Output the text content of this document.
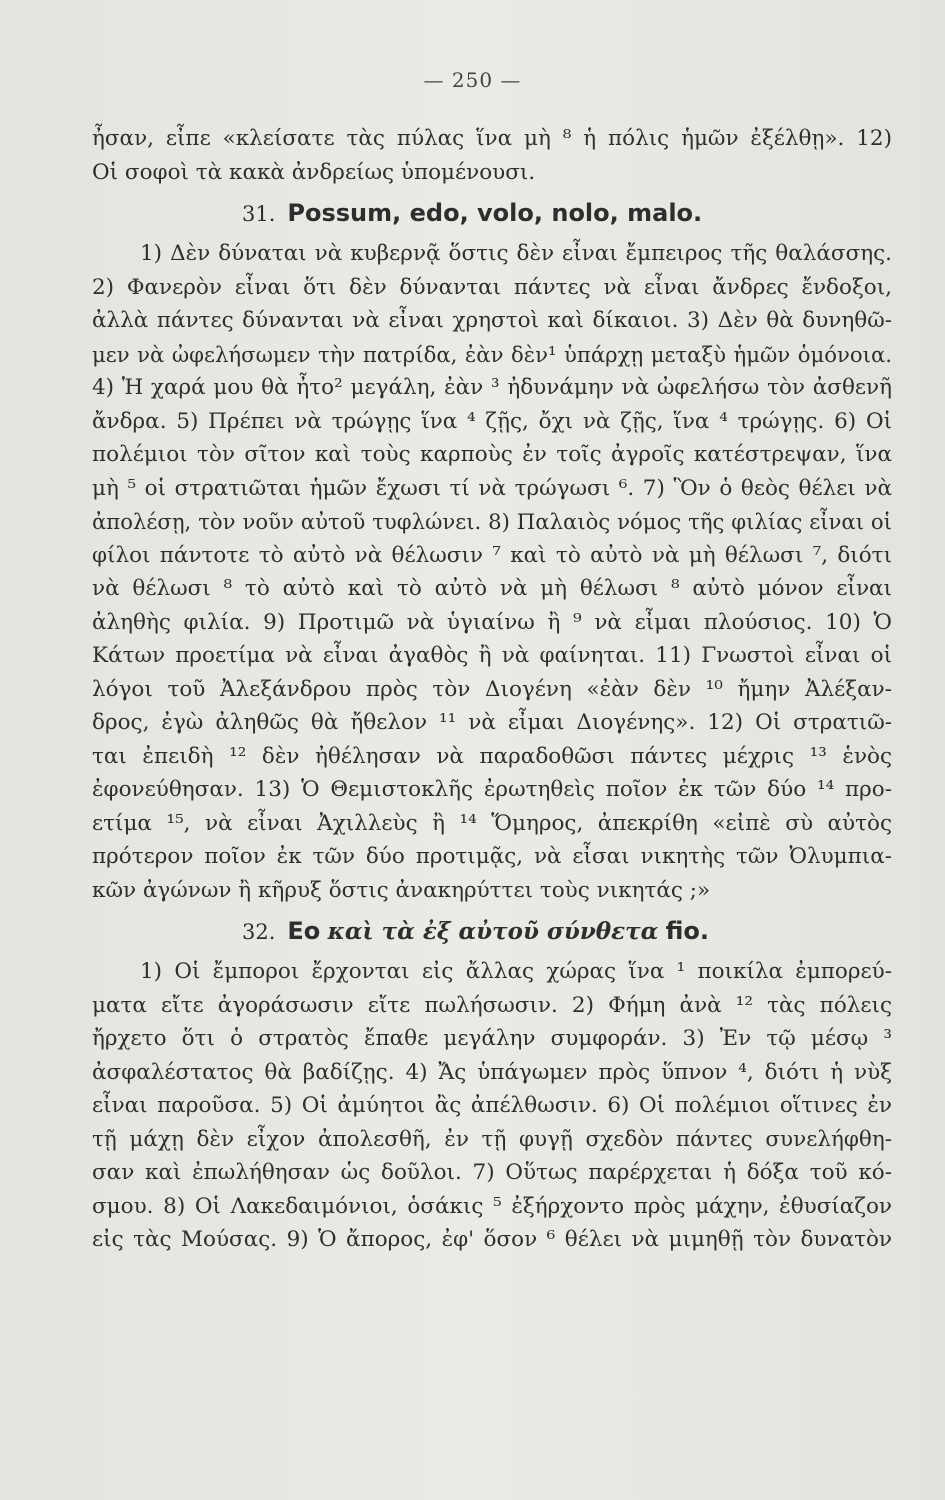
— 250 —
ἦσαν, εἶπε «κλείσατε τὰς πύλας ἵνα μὴ ⁸ ἡ πόλις ἡμῶν ἐξέλθῃ». 12)
Οἱ σοφοὶ τὰ κακὰ ἀνδρείως ὑπομένουσι.
31. Possum, edo, volo, nolo, malo.
1) Δὲν δύναται νὰ κυβερνᾷ ὅστις δὲν εἶναι ἔμπειρος τῆς θαλάσσης.
2) Φανερὸν εἶναι ὅτι δὲν δύνανται πάντες νὰ εἶναι ἄνδρες ἔνδοξοι,
ἀλλὰ πάντες δύνανται νὰ εἶναι χρηστοὶ καὶ δίκαιοι. 3) Δὲν θὰ δυνηθῶ-
μεν νὰ ὠφελήσωμεν τὴν πατρίδα, ἐὰν δὲν¹ ὑπάρχῃ μεταξὺ ἡμῶν ὁμόνοια.
4) Ἡ χαρά μου θὰ ἦτο² μεγάλη, ἐὰν ³ ἠδυνάμην νὰ ὠφελήσω τὸν ἀσθενῆ
ἄνδρα. 5) Πρέπει νὰ τρώγῃς ἵνα ⁴ ζῇς, ὄχι νὰ ζῇς, ἵνα ⁴ τρώγῃς. 6) Οἱ
πολέμιοι τὸν σῖτον καὶ τοὺς καρποὺς ἐν τοῖς ἀγροῖς κατέστρεψαν, ἵνα
μὴ ⁵ οἱ στρατιῶται ἡμῶν ἔχωσι τί νὰ τρώγωσι ⁶. 7) Ὃν ὁ θεὸς θέλει νὰ
ἀπολέσῃ, τὸν νοῦν αὐτοῦ τυφλώνει. 8) Παλαιὸς νόμος τῆς φιλίας εἶναι οἱ
φίλοι πάντοτε τὸ αὐτὸ νὰ θέλωσιν ⁷ καὶ τὸ αὐτὸ νὰ μὴ θέλωσι ⁷, διότι
νὰ θέλωσι ⁸ τὸ αὐτὸ καὶ τὸ αὐτὸ νὰ μὴ θέλωσι ⁸ αὐτὸ μόνον εἶναι
ἀληθὴς φιλία. 9) Προτιμῶ νὰ ὑγιαίνω ἢ ⁹ νὰ εἶμαι πλούσιος. 10) Ὁ
Κάτων προετίμα νὰ εἶναι ἀγαθὸς ἢ νὰ φαίνηται. 11) Γνωστοὶ εἶναι οἱ
λόγοι τοῦ Ἀλεξάνδρου πρὸς τὸν Διογένη «ἐὰν δὲν ¹⁰ ἤμην Ἀλέξαν-
δρος, ἐγὼ ἀληθῶς θὰ ἤθελον ¹¹ νὰ εἶμαι Διογένης». 12) Οἱ στρατιῶ-
ται ἐπειδὴ ¹² δὲν ἠθέλησαν νὰ παραδοθῶσι πάντες μέχρις ¹³ ἑνὸς
ἐφονεύθησαν. 13) Ὁ Θεμιστοκλῆς ἐρωτηθεὶς ποῖον ἐκ τῶν δύο ¹⁴ προ-
ετίμα ¹⁵, νὰ εἶναι Ἀχιλλεὺς ἢ ¹⁴ Ὅμηρος, ἀπεκρίθη «εἰπὲ σὺ αὐτὸς
πρότερον ποῖον ἐκ τῶν δύο προτιμᾷς, νὰ εἶσαι νικητὴς τῶν Ὀλυμπια-
κῶν ἀγώνων ἢ κῆρυξ ὅστις ἀνακηρύττει τοὺς νικητάς ;»
32. Eo καὶ τὰ ἐξ αὐτοῦ σύνθετα fio.
1) Οἱ ἔμποροι ἔρχονται εἰς ἄλλας χώρας ἵνα ¹ ποικίλα ἐμπορεύ-
ματα εἴτε ἀγοράσωσιν εἴτε πωλήσωσιν. 2) Φήμη ἀνὰ ¹² τὰς πόλεις
ἤρχετο ὅτι ὁ στρατὸς ἔπαθε μεγάλην συμφοράν. 3) Ἐν τῷ μέσῳ ³
ἀσφαλέστατος θὰ βαδίζῃς. 4) Ἄς ὑπάγωμεν πρὸς ὕπνον ⁴, διότι ἡ νὺξ
εἶναι παροῦσα. 5) Οἱ ἀμύητοι ἂς ἀπέλθωσιν. 6) Οἱ πολέμιοι οἵτινες ἐν
τῇ μάχῃ δὲν εἶχον ἀπολεσθῆ, ἐν τῇ φυγῇ σχεδὸν πάντες συνελήφθη-
σαν καὶ ἐπωλήθησαν ὡς δοῦλοι. 7) Οὕτως παρέρχεται ἡ δόξα τοῦ κό-
σμου. 8) Οἱ Λακεδαιμόνιοι, ὁσάκις ⁵ ἐξήρχοντο πρὸς μάχην, ἐθυσίαζον
εἰς τὰς Μούσας. 9) Ὁ ἄπορος, ἐφ' ὅσον ⁶ θέλει νὰ μιμηθῇ τὸν δυνατὸν
